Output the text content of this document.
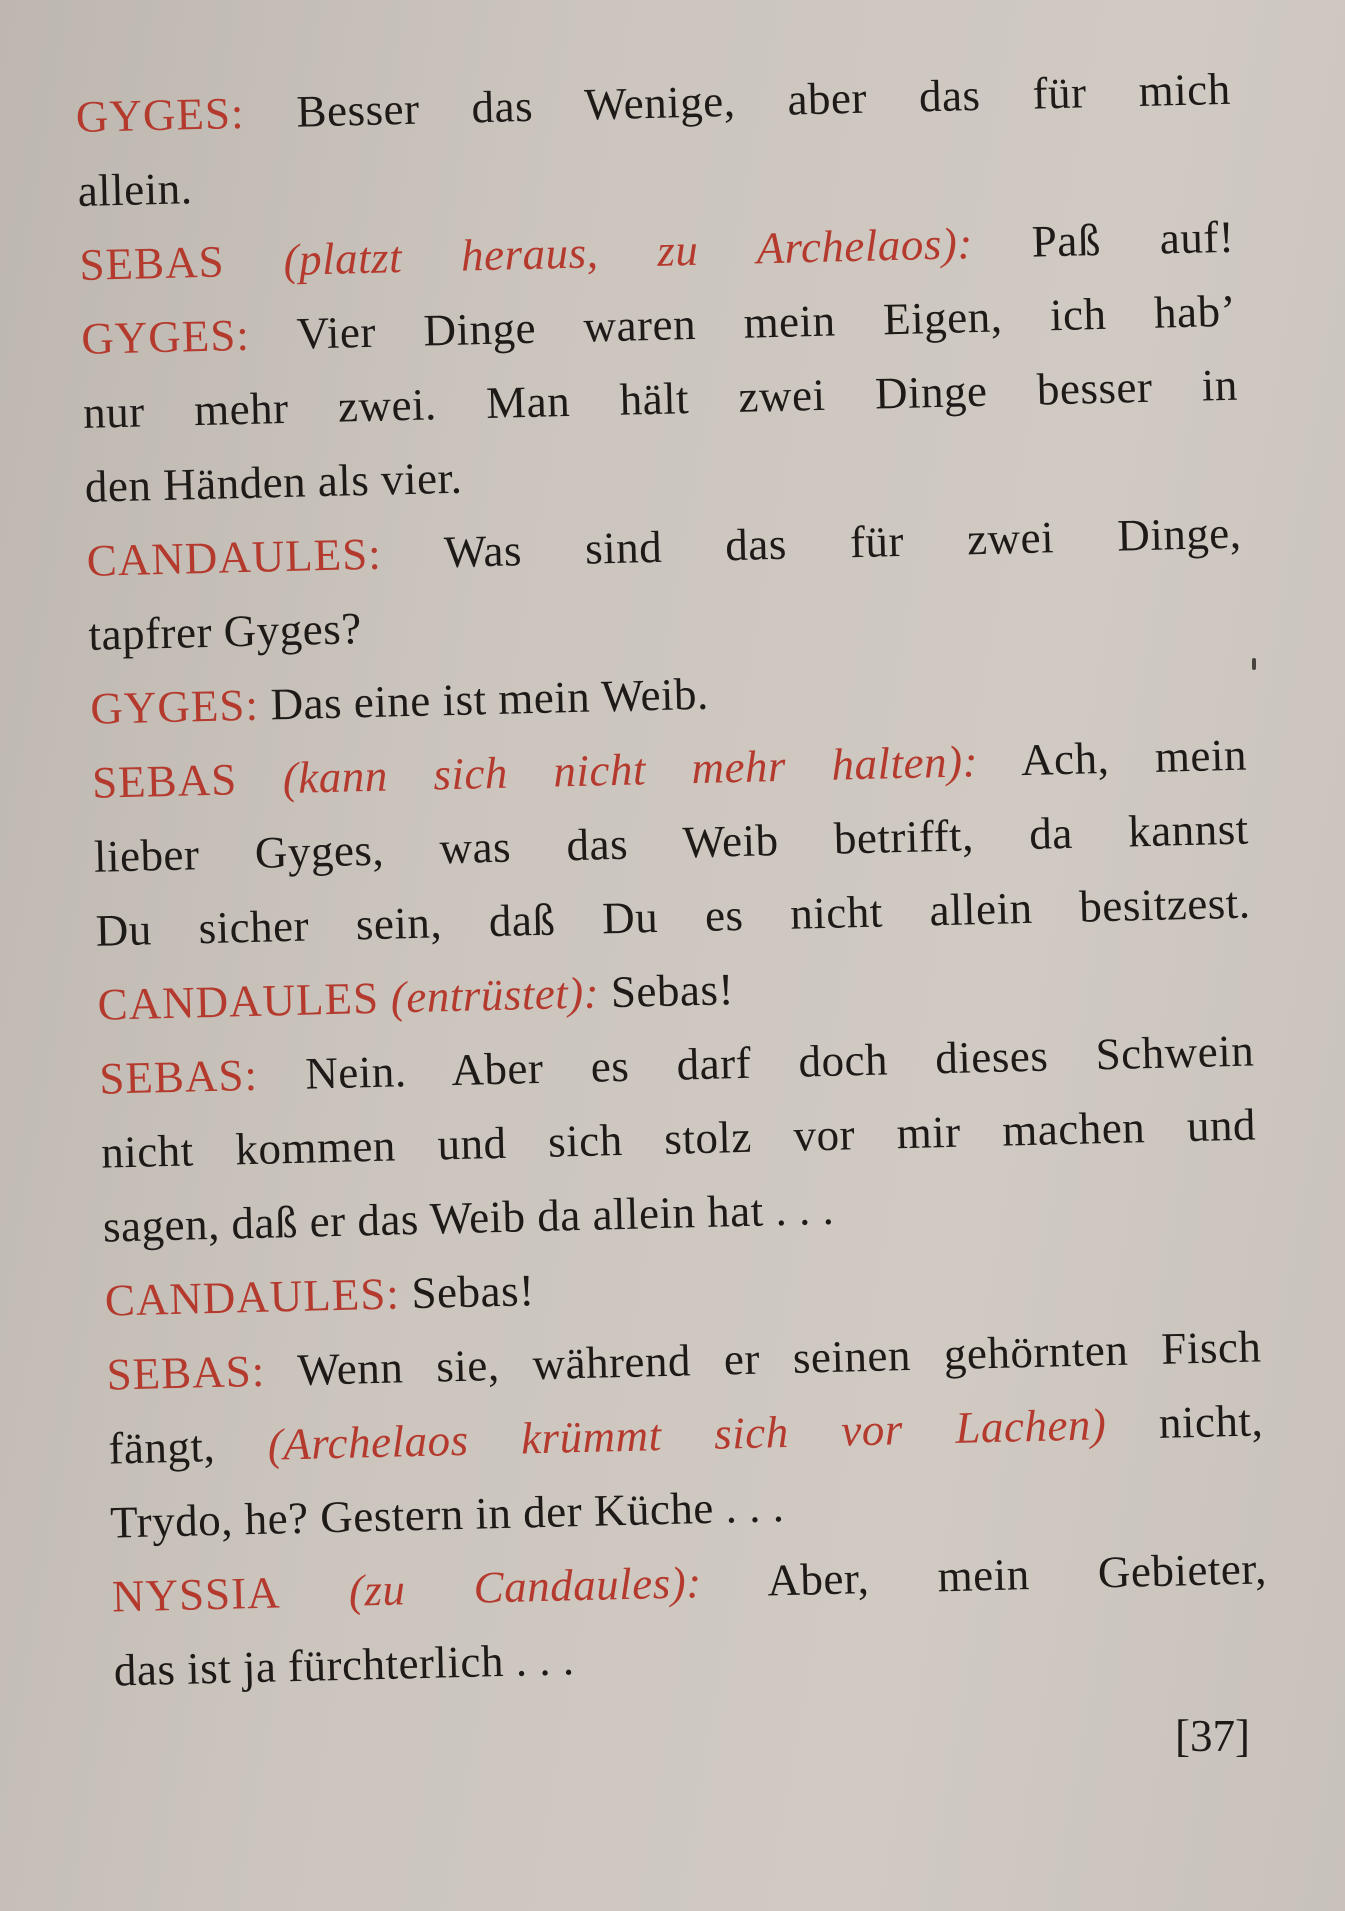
GYGES: Besser das Wenige, aber das für mich
allein.
SEBAS (platzt heraus, zu Archelaos): Paß auf!
GYGES: Vier Dinge waren mein Eigen, ich hab’
nur mehr zwei. Man hält zwei Dinge besser in
den Händen als vier.
CANDAULES: Was sind das für zwei Dinge,
tapfrer Gyges?
GYGES: Das eine ist mein Weib.
SEBAS (kann sich nicht mehr halten): Ach, mein
lieber Gyges, was das Weib betrifft, da kannst
Du sicher sein, daß Du es nicht allein besitzest.
CANDAULES (entrüstet): Sebas!
SEBAS: Nein. Aber es darf doch dieses Schwein
nicht kommen und sich stolz vor mir machen und
sagen, daß er das Weib da allein hat . . .
CANDAULES: Sebas!
SEBAS: Wenn sie, während er seinen gehörnten Fisch
fängt, (Archelaos krümmt sich vor Lachen) nicht,
Trydo, he? Gestern in der Küche . . .
NYSSIA (zu Candaules): Aber, mein Gebieter,
das ist ja fürchterlich . . .
[37]
